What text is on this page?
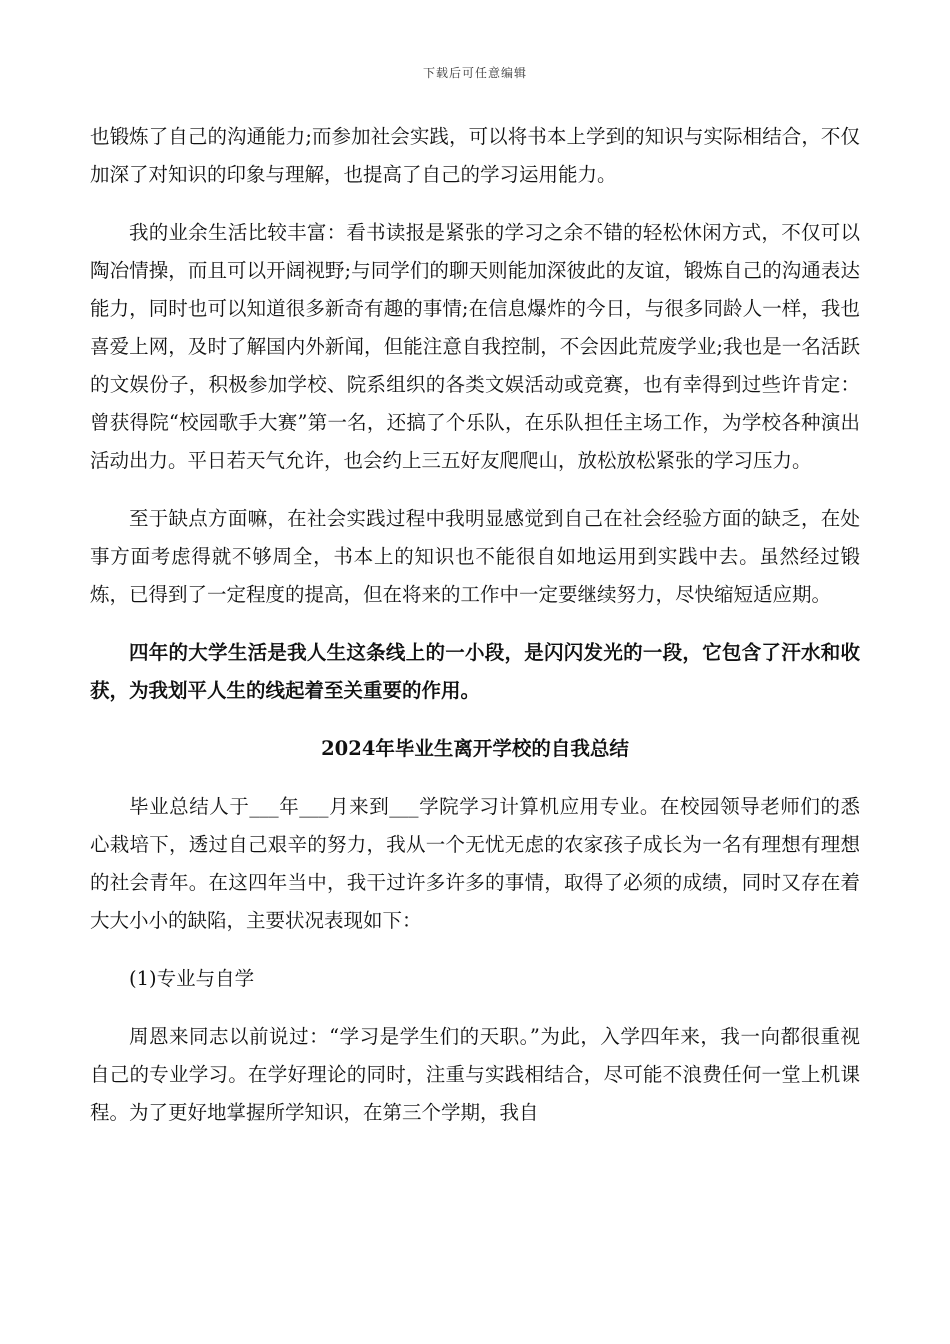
下载后可任意编辑

也锻炼了自己的沟通能力;而参加社会实践，可以将书本上学到的知识与实际相结合，不仅加深了对知识的印象与理解，也提高了自己的学习运用能力。

我的业余生活比较丰富：看书读报是紧张的学习之余不错的轻松休闲方式，不仅可以陶冶情操，而且可以开阔视野;与同学们的聊天则能加深彼此的友谊，锻炼自己的沟通表达能力，同时也可以知道很多新奇有趣的事情;在信息爆炸的今日，与很多同龄人一样，我也喜爱上网，及时了解国内外新闻，但能注意自我控制，不会因此荒废学业;我也是一名活跃的文娱份子，积极参加学校、院系组织的各类文娱活动或竞赛，也有幸得到过些许肯定：曾获得院“校园歌手大赛”第一名，还搞了个乐队，在乐队担任主场工作，为学校各种演出活动出力。平日若天气允许，也会约上三五好友爬爬山，放松放松紧张的学习压力。

至于缺点方面嘛，在社会实践过程中我明显感觉到自己在社会经验方面的缺乏，在处事方面考虑得就不够周全，书本上的知识也不能很自如地运用到实践中去。虽然经过锻炼，已得到了一定程度的提高，但在将来的工作中一定要继续努力，尽快缩短适应期。

四年的大学生活是我人生这条线上的一小段，是闪闪发光的一段，它包含了汗水和收获，为我划平人生的线起着至关重要的作用。

2024年毕业生离开学校的自我总结

毕业总结人于___年___月来到___学院学习计算机应用专业。在校园领导老师们的悉心栽培下，透过自己艰辛的努力，我从一个无忧无虑的农家孩子成长为一名有理想有理想的社会青年。在这四年当中，我干过许多许多的事情，取得了必须的成绩，同时又存在着大大小小的缺陷，主要状况表现如下：

(1)专业与自学

周恩来同志以前说过：“学习是学生们的天职。”为此，入学四年来，我一向都很重视自己的专业学习。在学好理论的同时，注重与实践相结合，尽可能不浪费任何一堂上机课程。为了更好地掌握所学知识，在第三个学期，我自
